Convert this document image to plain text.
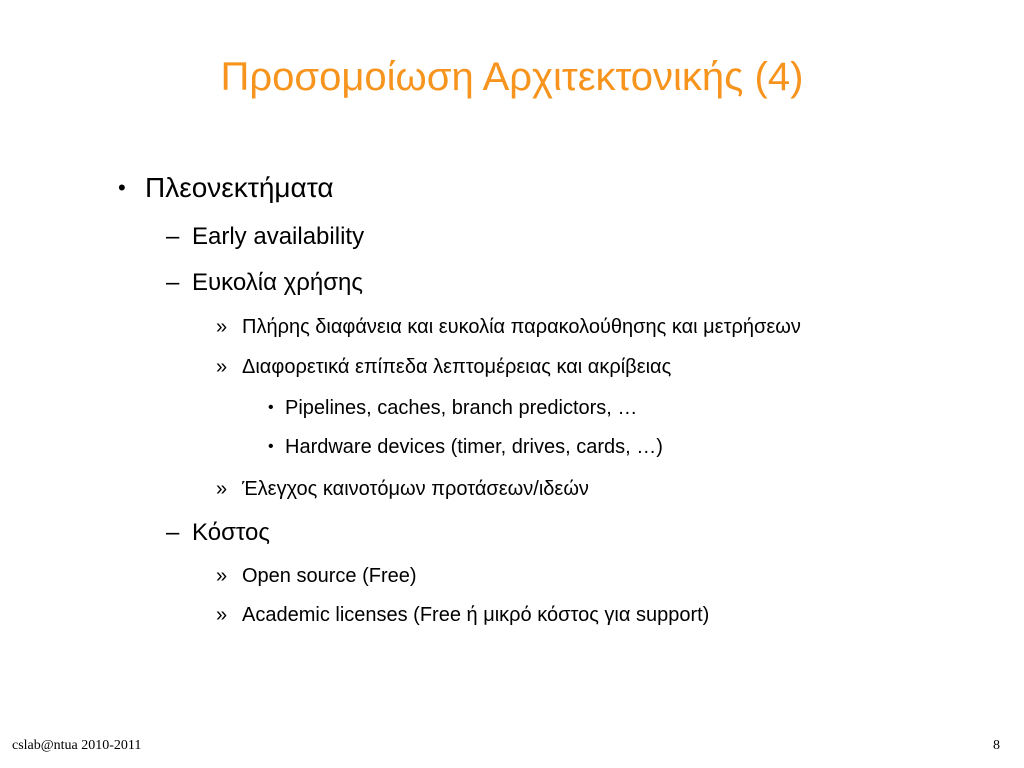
Προσομοίωση Αρχιτεκτονικής (4)
• Πλεονεκτήματα
– Early availability
– Ευκολία χρήσης
» Πλήρης διαφάνεια και ευκολία παρακολούθησης και μετρήσεων
» Διαφορετικά επίπεδα λεπτομέρειας και ακρίβειας
• Pipelines, caches, branch predictors, …
• Hardware devices (timer, drives, cards, …)
» Έλεγχος καινοτόμων προτάσεων/ιδεών
– Κόστος
» Open source (Free)
» Academic licenses (Free ή μικρό κόστος για support)
cslab@ntua 2010-2011	8
